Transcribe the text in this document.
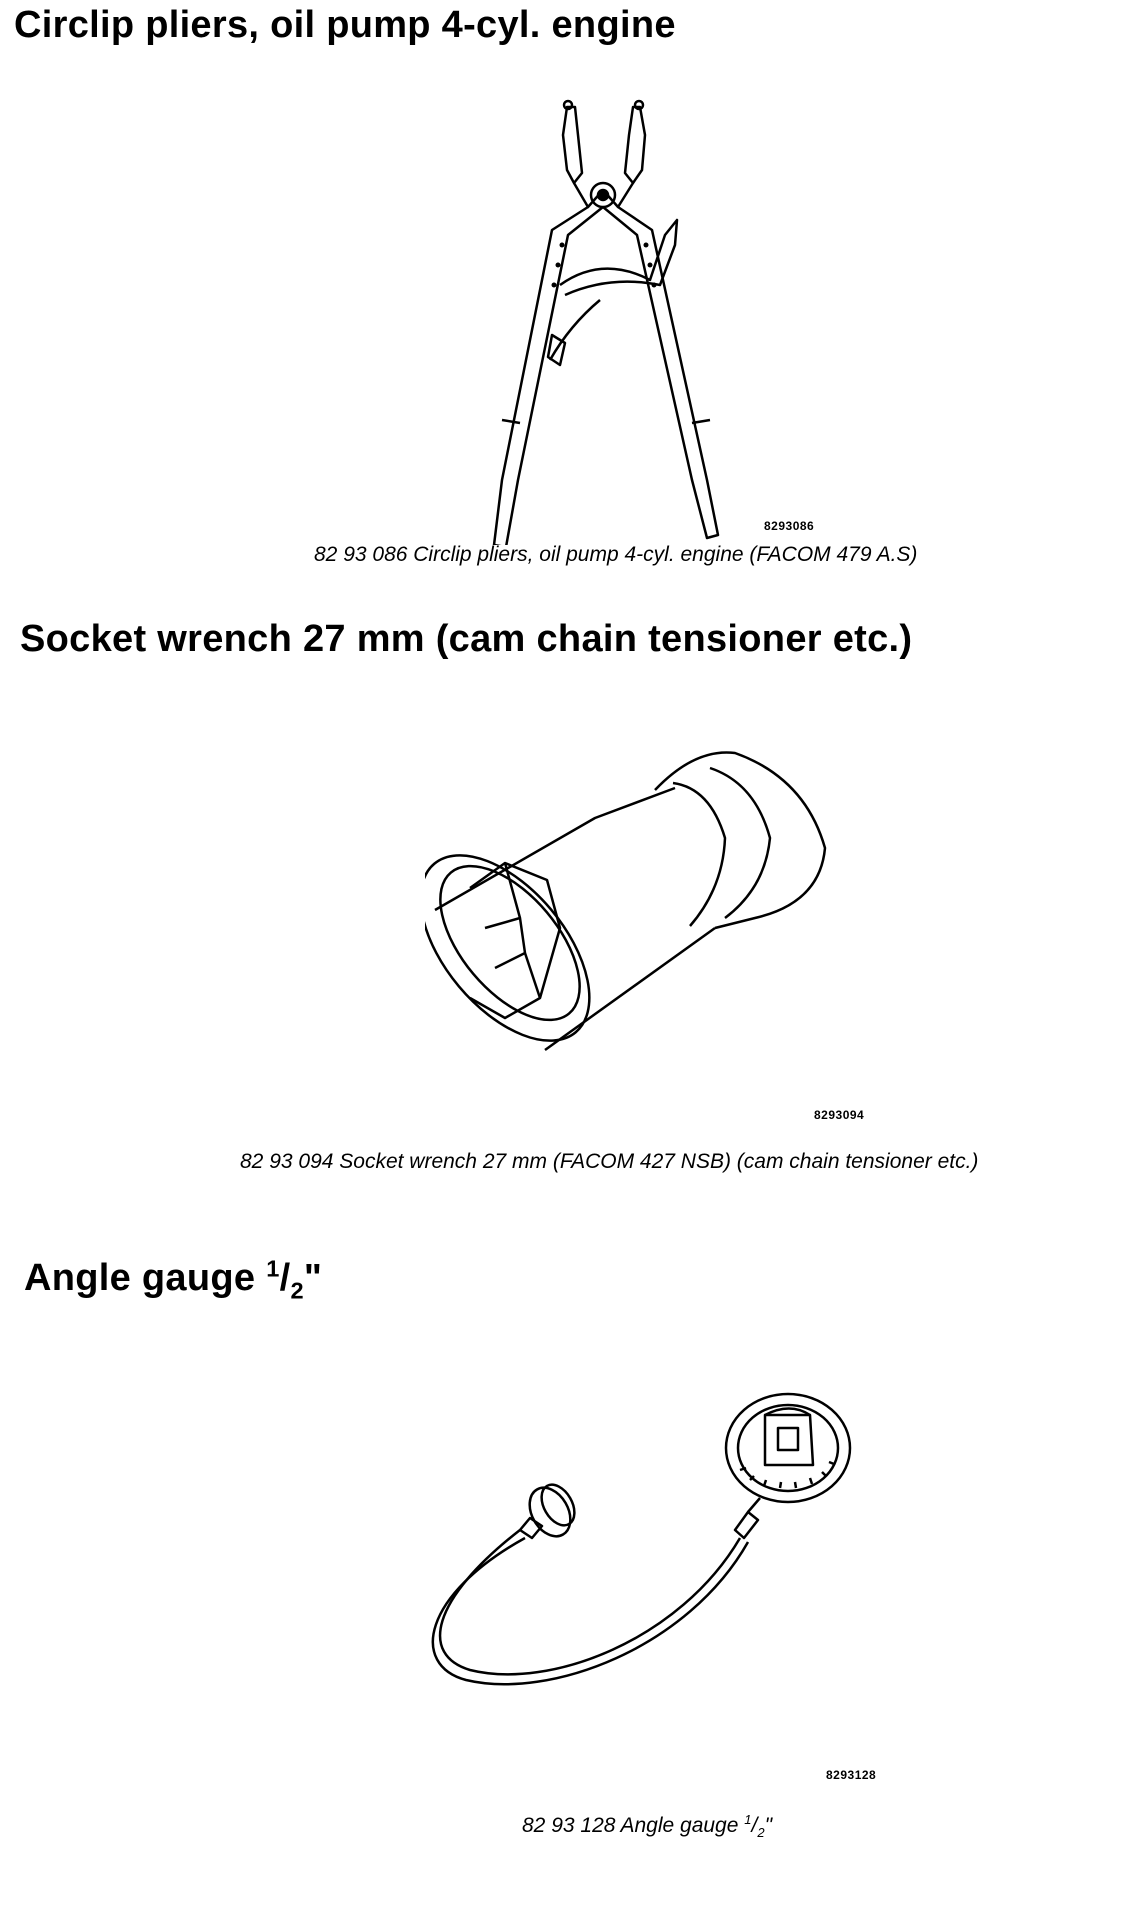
Circlip pliers, oil pump 4-cyl. engine
8293086
82 93 086 Circlip pliers, oil pump 4-cyl. engine (FACOM 479 A.S)
Socket wrench 27 mm (cam chain tensioner etc.)
8293094
82 93 094 Socket wrench 27 mm (FACOM 427 NSB) (cam chain tensioner etc.)
Angle gauge $^1/_2$"
8293128
82 93 128 Angle gauge $^1/_2$"
